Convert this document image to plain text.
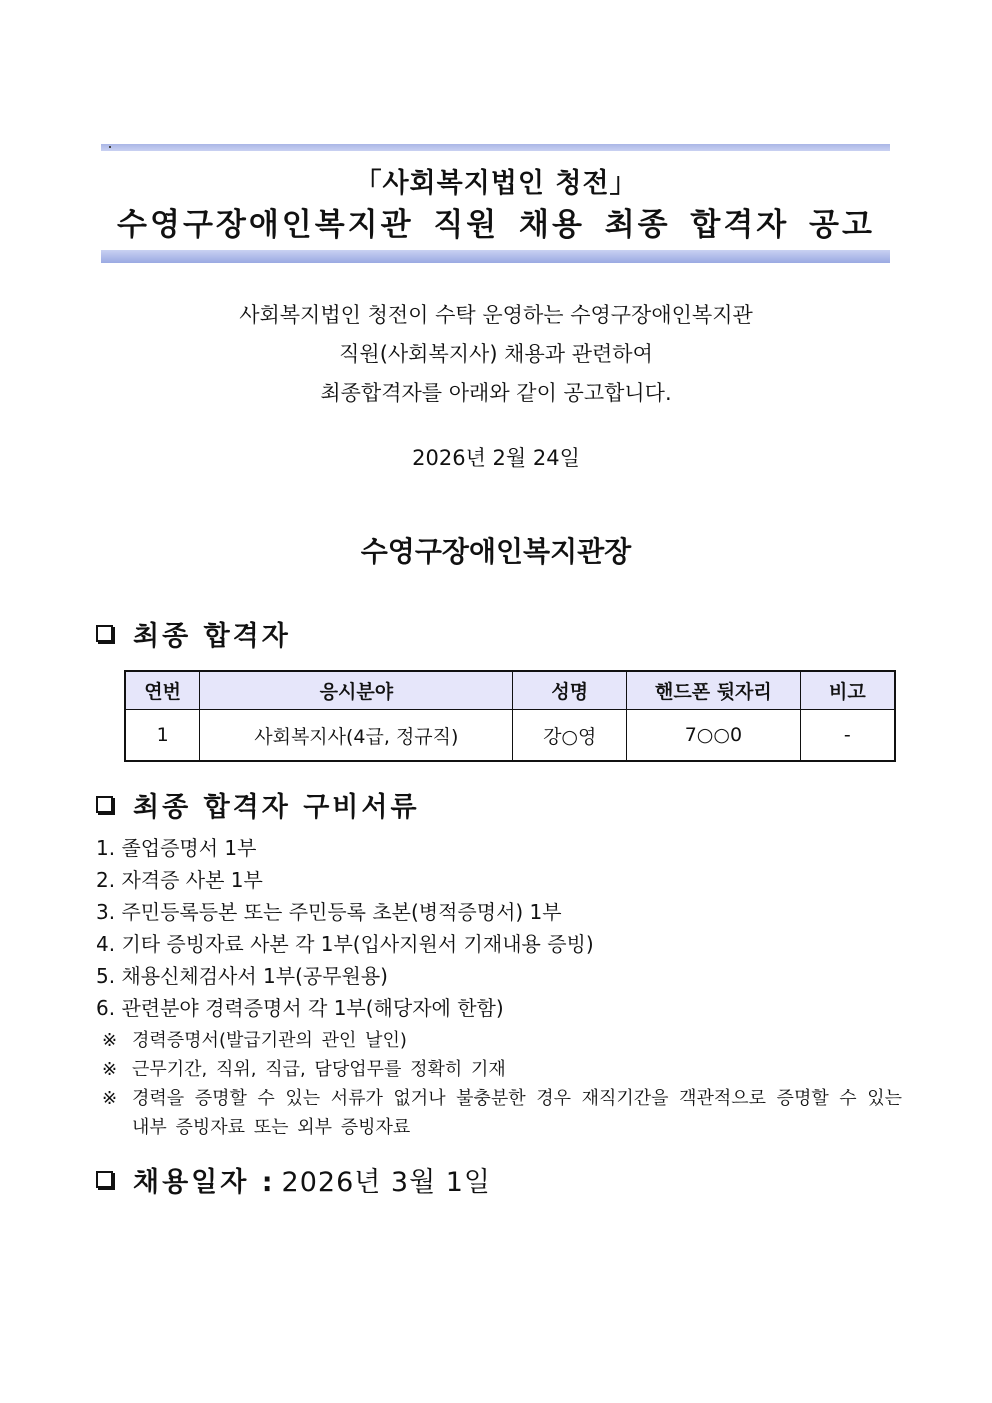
「사회복지법인 청전」
수영구장애인복지관 직원 채용 최종 합격자 공고
사회복지법인 청전이 수탁 운영하는 수영구장애인복지관
직원(사회복지사) 채용과 관련하여
최종합격자를 아래와 같이 공고합니다.
2026년 2월 24일
수영구장애인복지관장
최종 합격자
연번	응시분야	성명	핸드폰 뒷자리	비고
1	사회복지사(4급, 정규직)	강○영	7○○0	-
최종 합격자 구비서류
1. 졸업증명서 1부
2. 자격증 사본 1부
3. 주민등록등본 또는 주민등록 초본(병적증명서) 1부
4. 기타 증빙자료 사본 각 1부(입사지원서 기재내용 증빙)
5. 채용신체검사서 1부(공무원용)
6. 관련분야 경력증명서 각 1부(해당자에 한함)
※ 경력증명서(발급기관의 관인 날인)
※ 근무기간, 직위, 직급, 담당업무를 정확히 기재
※ 경력을 증명할 수 있는 서류가 없거나 불충분한 경우 재직기간을 객관적으로 증명할 수 있는 내부 증빙자료 또는 외부 증빙자료
채용일자 : 2026년 3월 1일
